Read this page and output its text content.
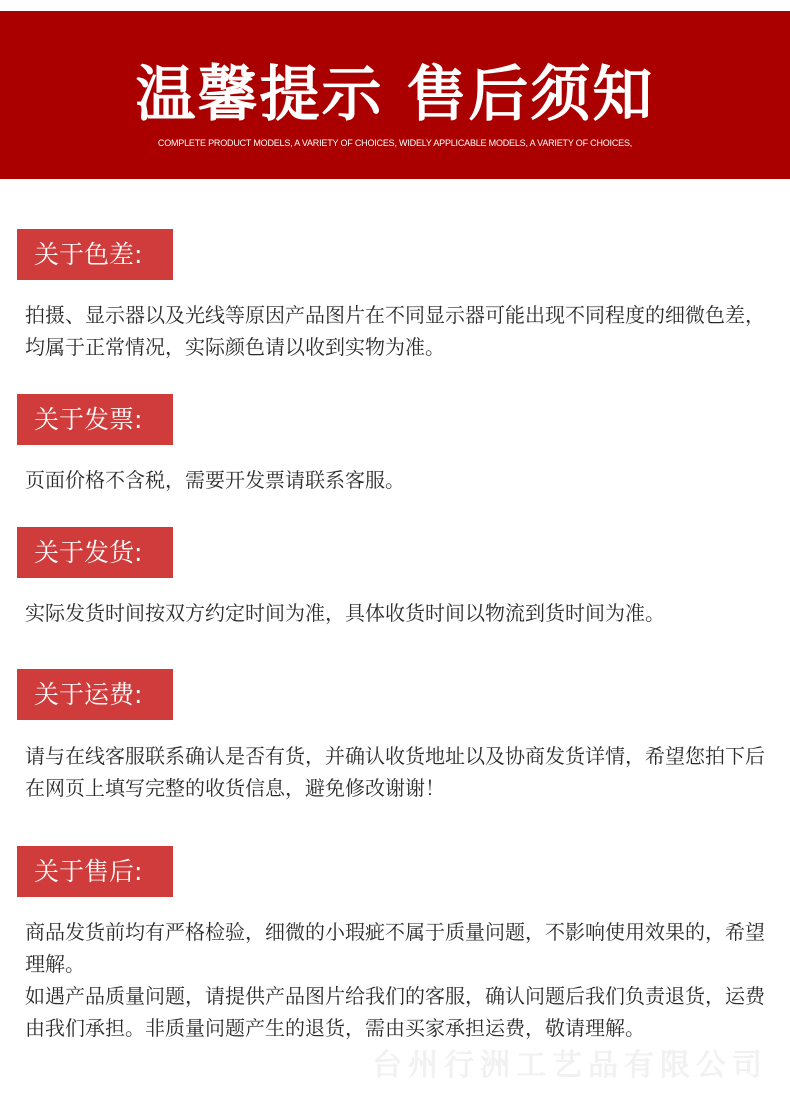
温馨提示 售后须知
COMPLETE PRODUCT MODELS, A VARIETY OF CHOICES, WIDELY APPLICABLE MODELS, A VARIETY OF CHOICES,
关于色差:

拍摄、显示器以及光线等原因产品图片在不同显示器可能出现不同程度的细微色差，均属于正常情况，实际颜色请以收到实物为准。

关于发票:

页面价格不含税，需要开发票请联系客服。

关于发货:

实际发货时间按双方约定时间为准，具体收货时间以物流到货时间为准。

关于运费:

请与在线客服联系确认是否有货，并确认收货地址以及协商发货详情，希望您拍下后在网页上填写完整的收货信息，避免修改谢谢！

关于售后:

商品发货前均有严格检验，细微的小瑕疵不属于质量问题，不影响使用效果的，希望理解。

如遇产品质量问题，请提供产品图片给我们的客服，确认问题后我们负责退货，运费由我们承担。非质量问题产生的退货，需由买家承担运费，敬请理解。

台州行洲工艺品有限公司
